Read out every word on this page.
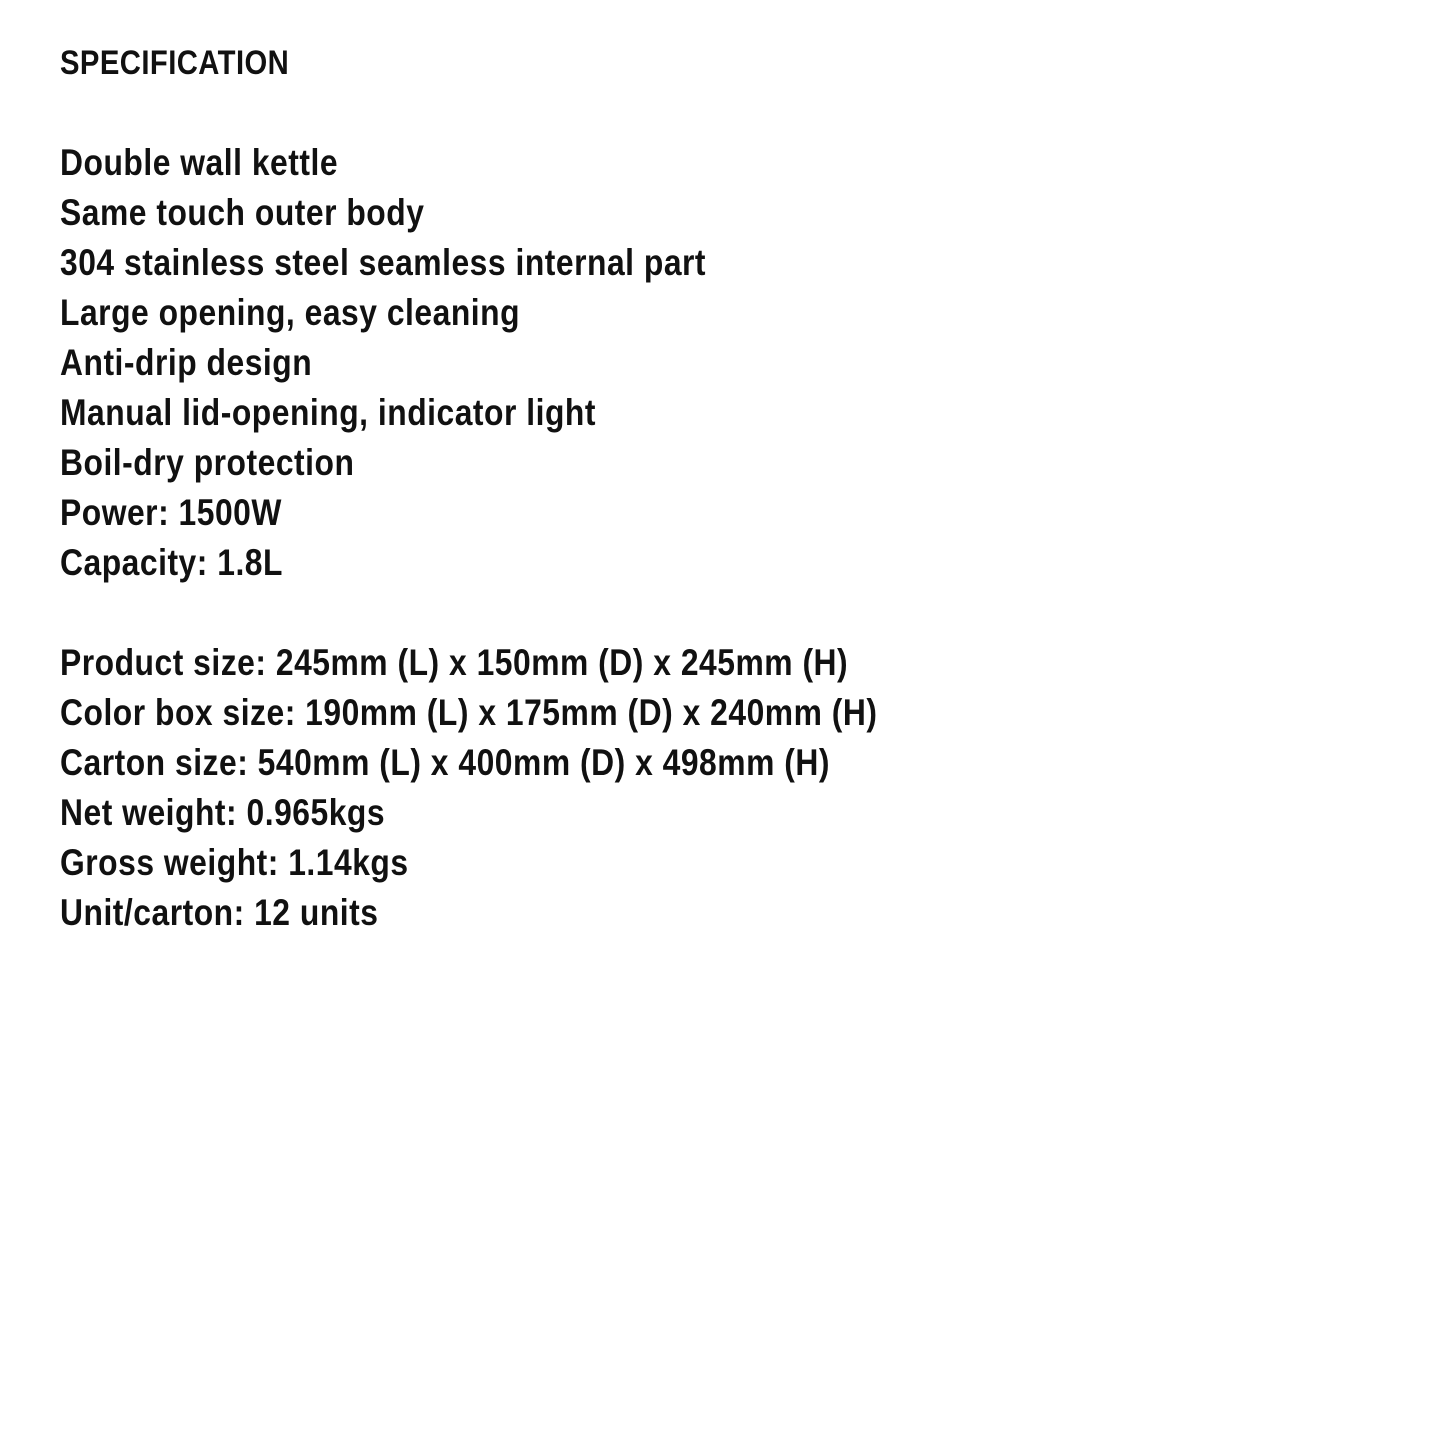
SPECIFICATION
Double wall kettle
Same touch outer body
304 stainless steel seamless internal part
Large opening, easy cleaning
Anti-drip design
Manual lid-opening, indicator light
Boil-dry protection
Power: 1500W
Capacity: 1.8L
Product size: 245mm (L) x 150mm (D) x 245mm (H)
Color box size: 190mm (L) x 175mm (D) x 240mm (H)
Carton size: 540mm (L) x 400mm (D) x 498mm (H)
Net weight: 0.965kgs
Gross weight: 1.14kgs
Unit/carton: 12 units
